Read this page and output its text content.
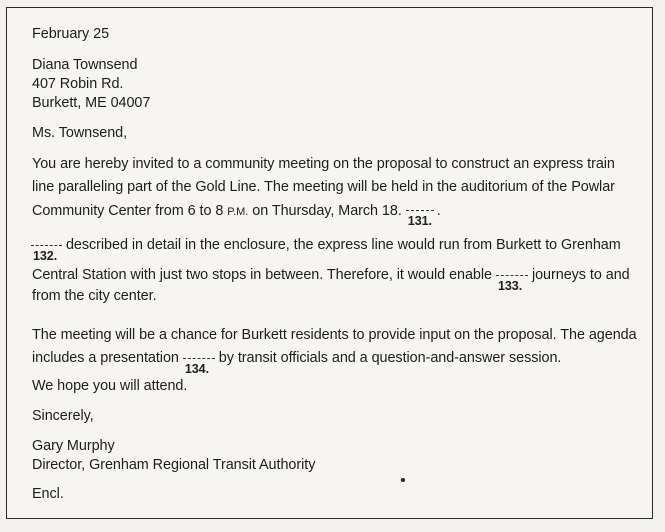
February 25
Diana Townsend
407 Robin Rd.
Burkett, ME 04007
Ms. Townsend,
You are hereby invited to a community meeting on the proposal to construct an express train
line paralleling part of the Gold Line. The meeting will be held in the auditorium of the Powlar
Community Center from 6 to 8 P.M. on Thursday, March 18.
131.
.
132.
described in detail in the enclosure, the express line would run from Burkett to Grenham
Central Station with just two stops in between. Therefore, it would enable
133.
journeys to and
from the city center.
The meeting will be a chance for Burkett residents to provide input on the proposal. The agenda
includes a presentation
134.
by transit officials and a question-and-answer session.
We hope you will attend.
Sincerely,
Gary Murphy
Director, Grenham Regional Transit Authority
Encl.
